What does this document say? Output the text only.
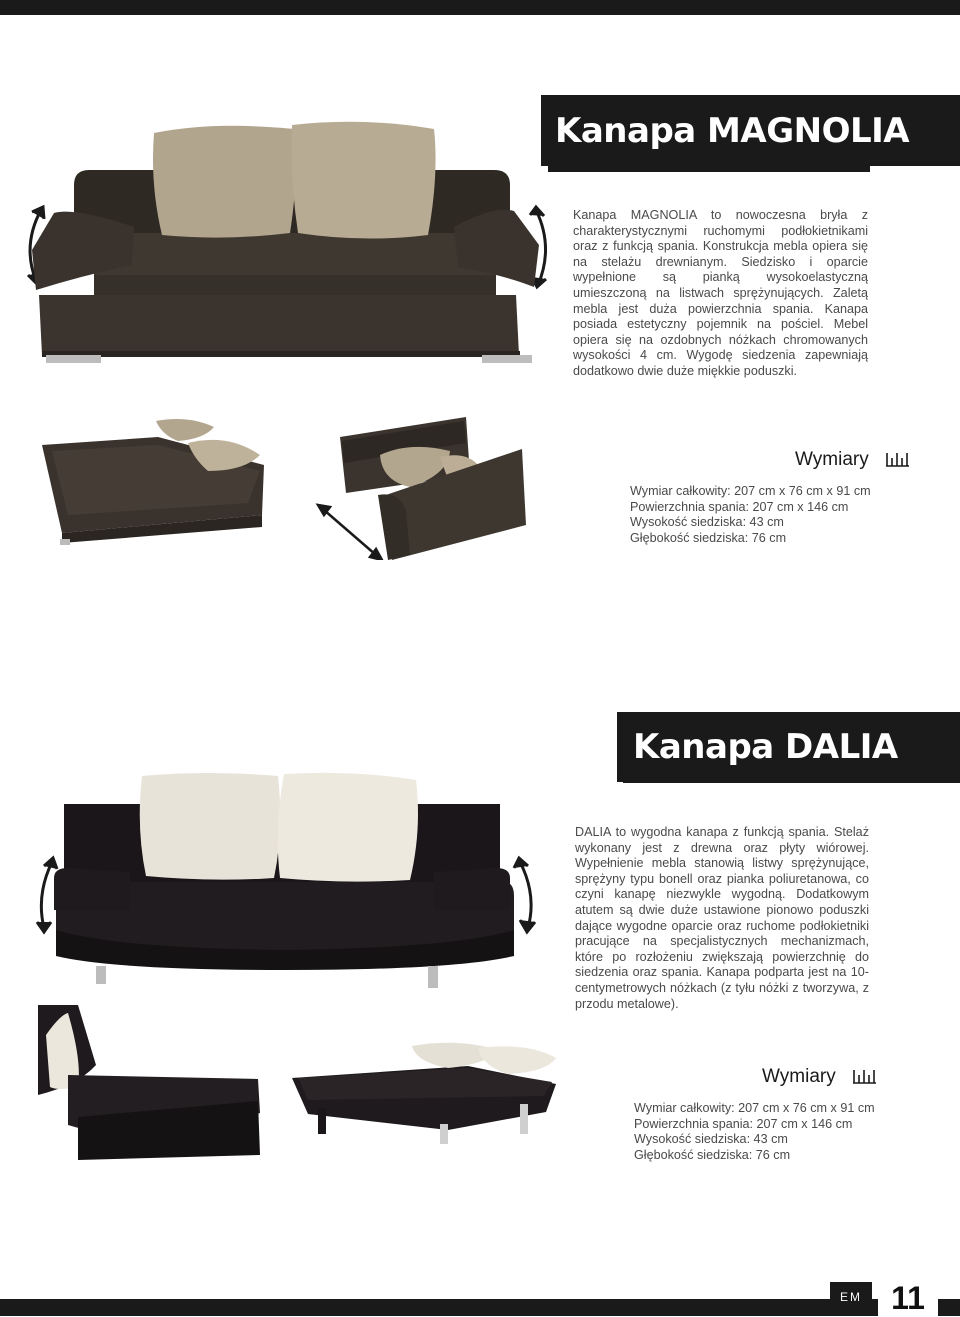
Kanapa MAGNOLIA

Kanapa MAGNOLIA to nowoczesna bryła z charakterystycznymi ruchomymi podłokietnikami oraz z funkcją spania. Konstrukcja mebla opiera się na stelażu drewnianym. Siedzisko i oparcie wypełnione są pianką wysokoelastyczną umieszczoną na listwach sprężynujących. Zaletą mebla jest duża powierzchnia spania. Kanapa posiada estetyczny pojemnik na pościel. Mebel opiera się na ozdobnych nóżkach chromowanych wysokości 4 cm. Wygodę siedzenia zapewniają dodatkowo dwie duże miękkie poduszki.

Wymiary
Wymiar całkowity: 207 cm x 76 cm x 91 cm
Powierzchnia spania: 207 cm x 146 cm
Wysokość siedziska: 43 cm
Głębokość siedziska: 76 cm
Kanapa DALIA

DALIA to wygodna kanapa z funkcją spania. Stelaż wykonany jest z drewna oraz płyty wiórowej. Wypełnienie mebla stanowią listwy sprężynujące, sprężyny typu bonell oraz pianka poliuretanowa, co czyni kanapę niezwykle wygodną. Dodatkowym atutem są dwie duże ustawione pionowo poduszki dające wygodne oparcie oraz ruchome podłokietniki pracujące na specjalistycznych mechanizmach, które po rozłożeniu zwiększają powierzchnię do siedzenia oraz spania. Kanapa podparta jest na 10-centymetrowych nóżkach (z tyłu nóżki z tworzywa, z przodu metalowe).

Wymiary
Wymiar całkowity: 207 cm x 76 cm x 91 cm
Powierzchnia spania: 207 cm x 146 cm
Wysokość siedziska: 43 cm
Głębokość siedziska: 76 cm
EM 11
